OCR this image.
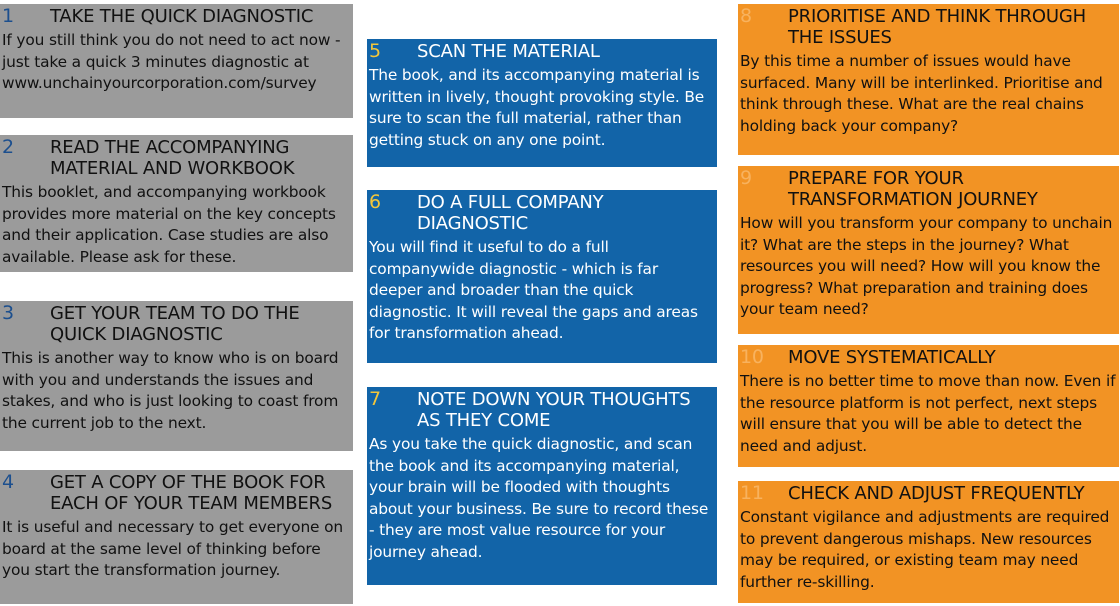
1	TAKE THE QUICK DIAGNOSTIC
If you still think you do not need to act now - just take a quick 3 minutes diagnostic at www.unchainyourcorporation.com/survey
2	READ THE ACCOMPANYING MATERIAL AND WORKBOOK
This booklet, and accompanying workbook provides more material on the key concepts and their application. Case studies are also available. Please ask for these.
3	GET YOUR TEAM TO DO THE QUICK DIAGNOSTIC
This is another way to know who is on board with you and understands the issues and stakes, and who is just looking to coast from the current job to the next.
4	GET A COPY OF THE BOOK FOR EACH OF YOUR TEAM MEMBERS
It is useful and necessary to get everyone on board at the same level of thinking before you start the transformation journey.
5	SCAN THE MATERIAL
The book, and its accompanying material is written in lively, thought provoking style. Be sure to scan the full material, rather than getting stuck on any one point.
6	DO A FULL COMPANY DIAGNOSTIC
You will find it useful to do a full companywide diagnostic - which is far deeper and broader than the quick diagnostic. It will reveal the gaps and areas for transformation ahead.
7	NOTE DOWN YOUR THOUGHTS AS THEY COME
As you take the quick diagnostic, and scan the book and its accompanying material, your brain will be flooded with thoughts about your business. Be sure to record these - they are most value resource for your journey ahead.
8	PRIORITISE AND THINK THROUGH THE ISSUES
By this time a number of issues would have surfaced. Many will be interlinked. Prioritise and think through these. What are the real chains holding back your company?
9	PREPARE FOR YOUR TRANSFORMATION JOURNEY
How will you transform your company to unchain it? What are the steps in the journey? What resources you will need? How will you know the progress? What preparation and training does your team need?
10	MOVE SYSTEMATICALLY
There is no better time to move than now. Even if the resource platform is not perfect, next steps will ensure that you will be able to detect the need and adjust.
11	CHECK AND ADJUST FREQUENTLY
Constant vigilance and adjustments are required to prevent dangerous mishaps. New resources may be required, or existing team may need further re-skilling.
